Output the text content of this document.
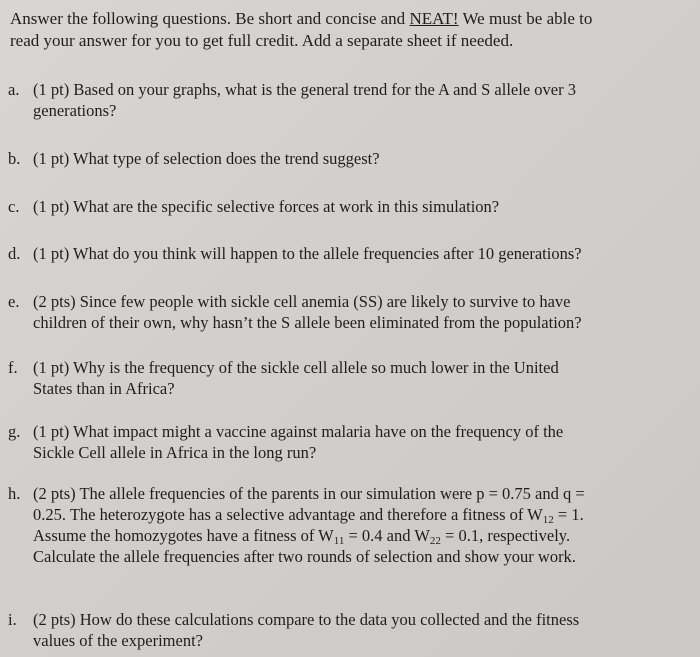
Answer the following questions. Be short and concise and NEAT! We must be able to
read your answer for you to get full credit. Add a separate sheet if needed.
a. (1 pt) Based on your graphs, what is the general trend for the A and S allele over 3
generations?
b. (1 pt) What type of selection does the trend suggest?
c. (1 pt) What are the specific selective forces at work in this simulation?
d. (1 pt) What do you think will happen to the allele frequencies after 10 generations?
e. (2 pts) Since few people with sickle cell anemia (SS) are likely to survive to have
children of their own, why hasn’t the S allele been eliminated from the population?
f. (1 pt) Why is the frequency of the sickle cell allele so much lower in the United
States than in Africa?
g. (1 pt) What impact might a vaccine against malaria have on the frequency of the
Sickle Cell allele in Africa in the long run?
h. (2 pts) The allele frequencies of the parents in our simulation were p = 0.75 and q =
0.25. The heterozygote has a selective advantage and therefore a fitness of $W_{12} = 1$.
Assume the homozygotes have a fitness of $W_{11} = 0.4$ and $W_{22} = 0.1$, respectively.
Calculate the allele frequencies after two rounds of selection and show your work.
i. (2 pts) How do these calculations compare to the data you collected and the fitness
values of the experiment?
